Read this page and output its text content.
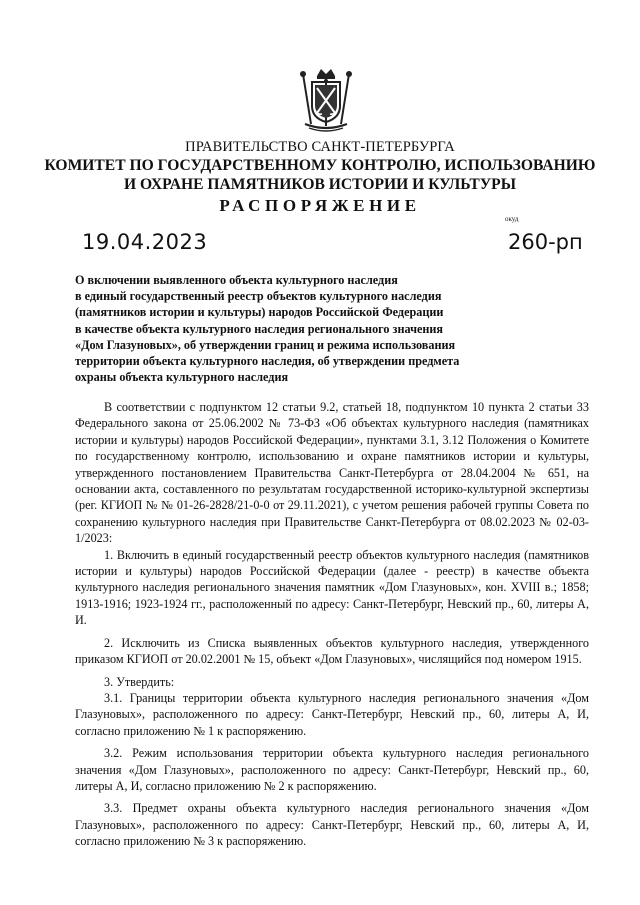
ПРАВИТЕЛЬСТВО САНКТ-ПЕТЕРБУРГА
КОМИТЕТ ПО ГОСУДАРСТВЕННОМУ КОНТРОЛЮ, ИСПОЛЬЗОВАНИЮ
И ОХРАНЕ ПАМЯТНИКОВ ИСТОРИИ И КУЛЬТУРЫ
РАСПОРЯЖЕНИЕ
окуд
19.04.2023	260-рп
О включении выявленного объекта культурного наследия
в единый государственный реестр объектов культурного наследия
(памятников истории и культуры) народов Российской Федерации
в качестве объекта культурного наследия регионального значения
«Дом Глазуновых», об утверждении границ и режима использования
территории объекта культурного наследия, об утверждении предмета
охраны объекта культурного наследия

В соответствии с подпунктом 12 статьи 9.2, статьей 18, подпунктом 10 пункта 2 статьи 33 Федерального закона от 25.06.2002 № 73-ФЗ «Об объектах культурного наследия (памятниках истории и культуры) народов Российской Федерации», пунктами 3.1, 3.12 Положения о Комитете по государственному контролю, использованию и охране памятников истории и культуры, утвержденного постановлением Правительства Санкт-Петербурга от 28.04.2004 № 651, на основании акта, составленного по результатам государственной историко-культурной экспертизы (рег. КГИОП № № 01-26-2828/21-0-0 от 29.11.2021), с учетом решения рабочей группы Совета по сохранению культурного наследия при Правительстве Санкт-Петербурга от 08.02.2023 № 02-03-1/2023:

1. Включить в единый государственный реестр объектов культурного наследия (памятников истории и культуры) народов Российской Федерации (далее - реестр) в качестве объекта культурного наследия регионального значения памятник «Дом Глазуновых», кон. XVIII в.; 1858; 1913-1916; 1923-1924 гг., расположенный по адресу: Санкт-Петербург, Невский пр., 60, литеры А, И.

2. Исключить из Списка выявленных объектов культурного наследия, утвержденного приказом КГИОП от 20.02.2001 № 15, объект «Дом Глазуновых», числящийся под номером 1915.

3. Утвердить:

3.1. Границы территории объекта культурного наследия регионального значения «Дом Глазуновых», расположенного по адресу: Санкт-Петербург, Невский пр., 60, литеры А, И, согласно приложению № 1 к распоряжению.

3.2. Режим использования территории объекта культурного наследия регионального значения «Дом Глазуновых», расположенного по адресу: Санкт-Петербург, Невский пр., 60, литеры А, И, согласно приложению № 2 к распоряжению.

3.3. Предмет охраны объекта культурного наследия регионального значения «Дом Глазуновых», расположенного по адресу: Санкт-Петербург, Невский пр., 60, литеры А, И, согласно приложению № 3 к распоряжению.
